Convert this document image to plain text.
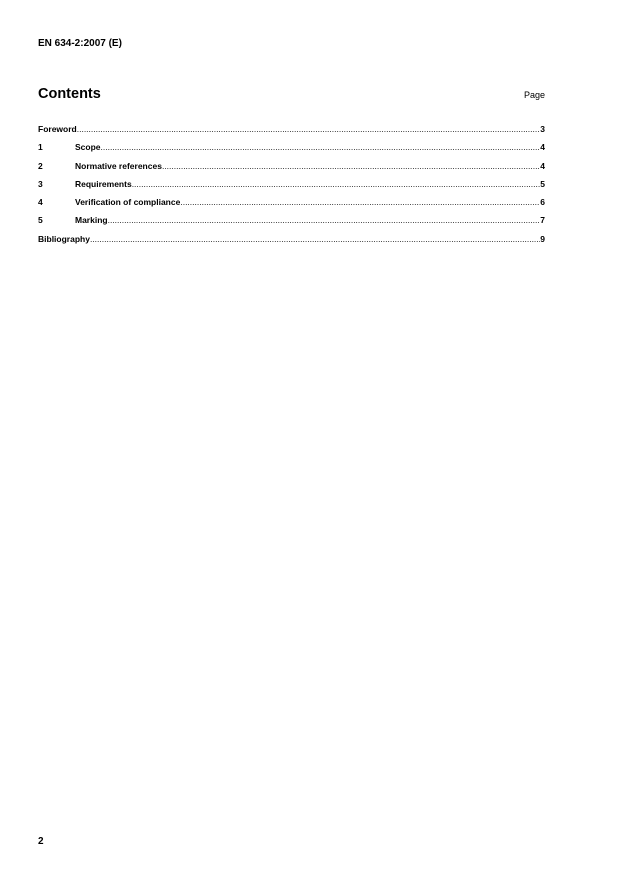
EN 634-2:2007 (E)
Contents	Page
Foreword .....	3
1	Scope .....	4
2	Normative references .....	4
3	Requirements .....	5
4	Verification of compliance .....	6
5	Marking .....	7
Bibliography .....	9
2
